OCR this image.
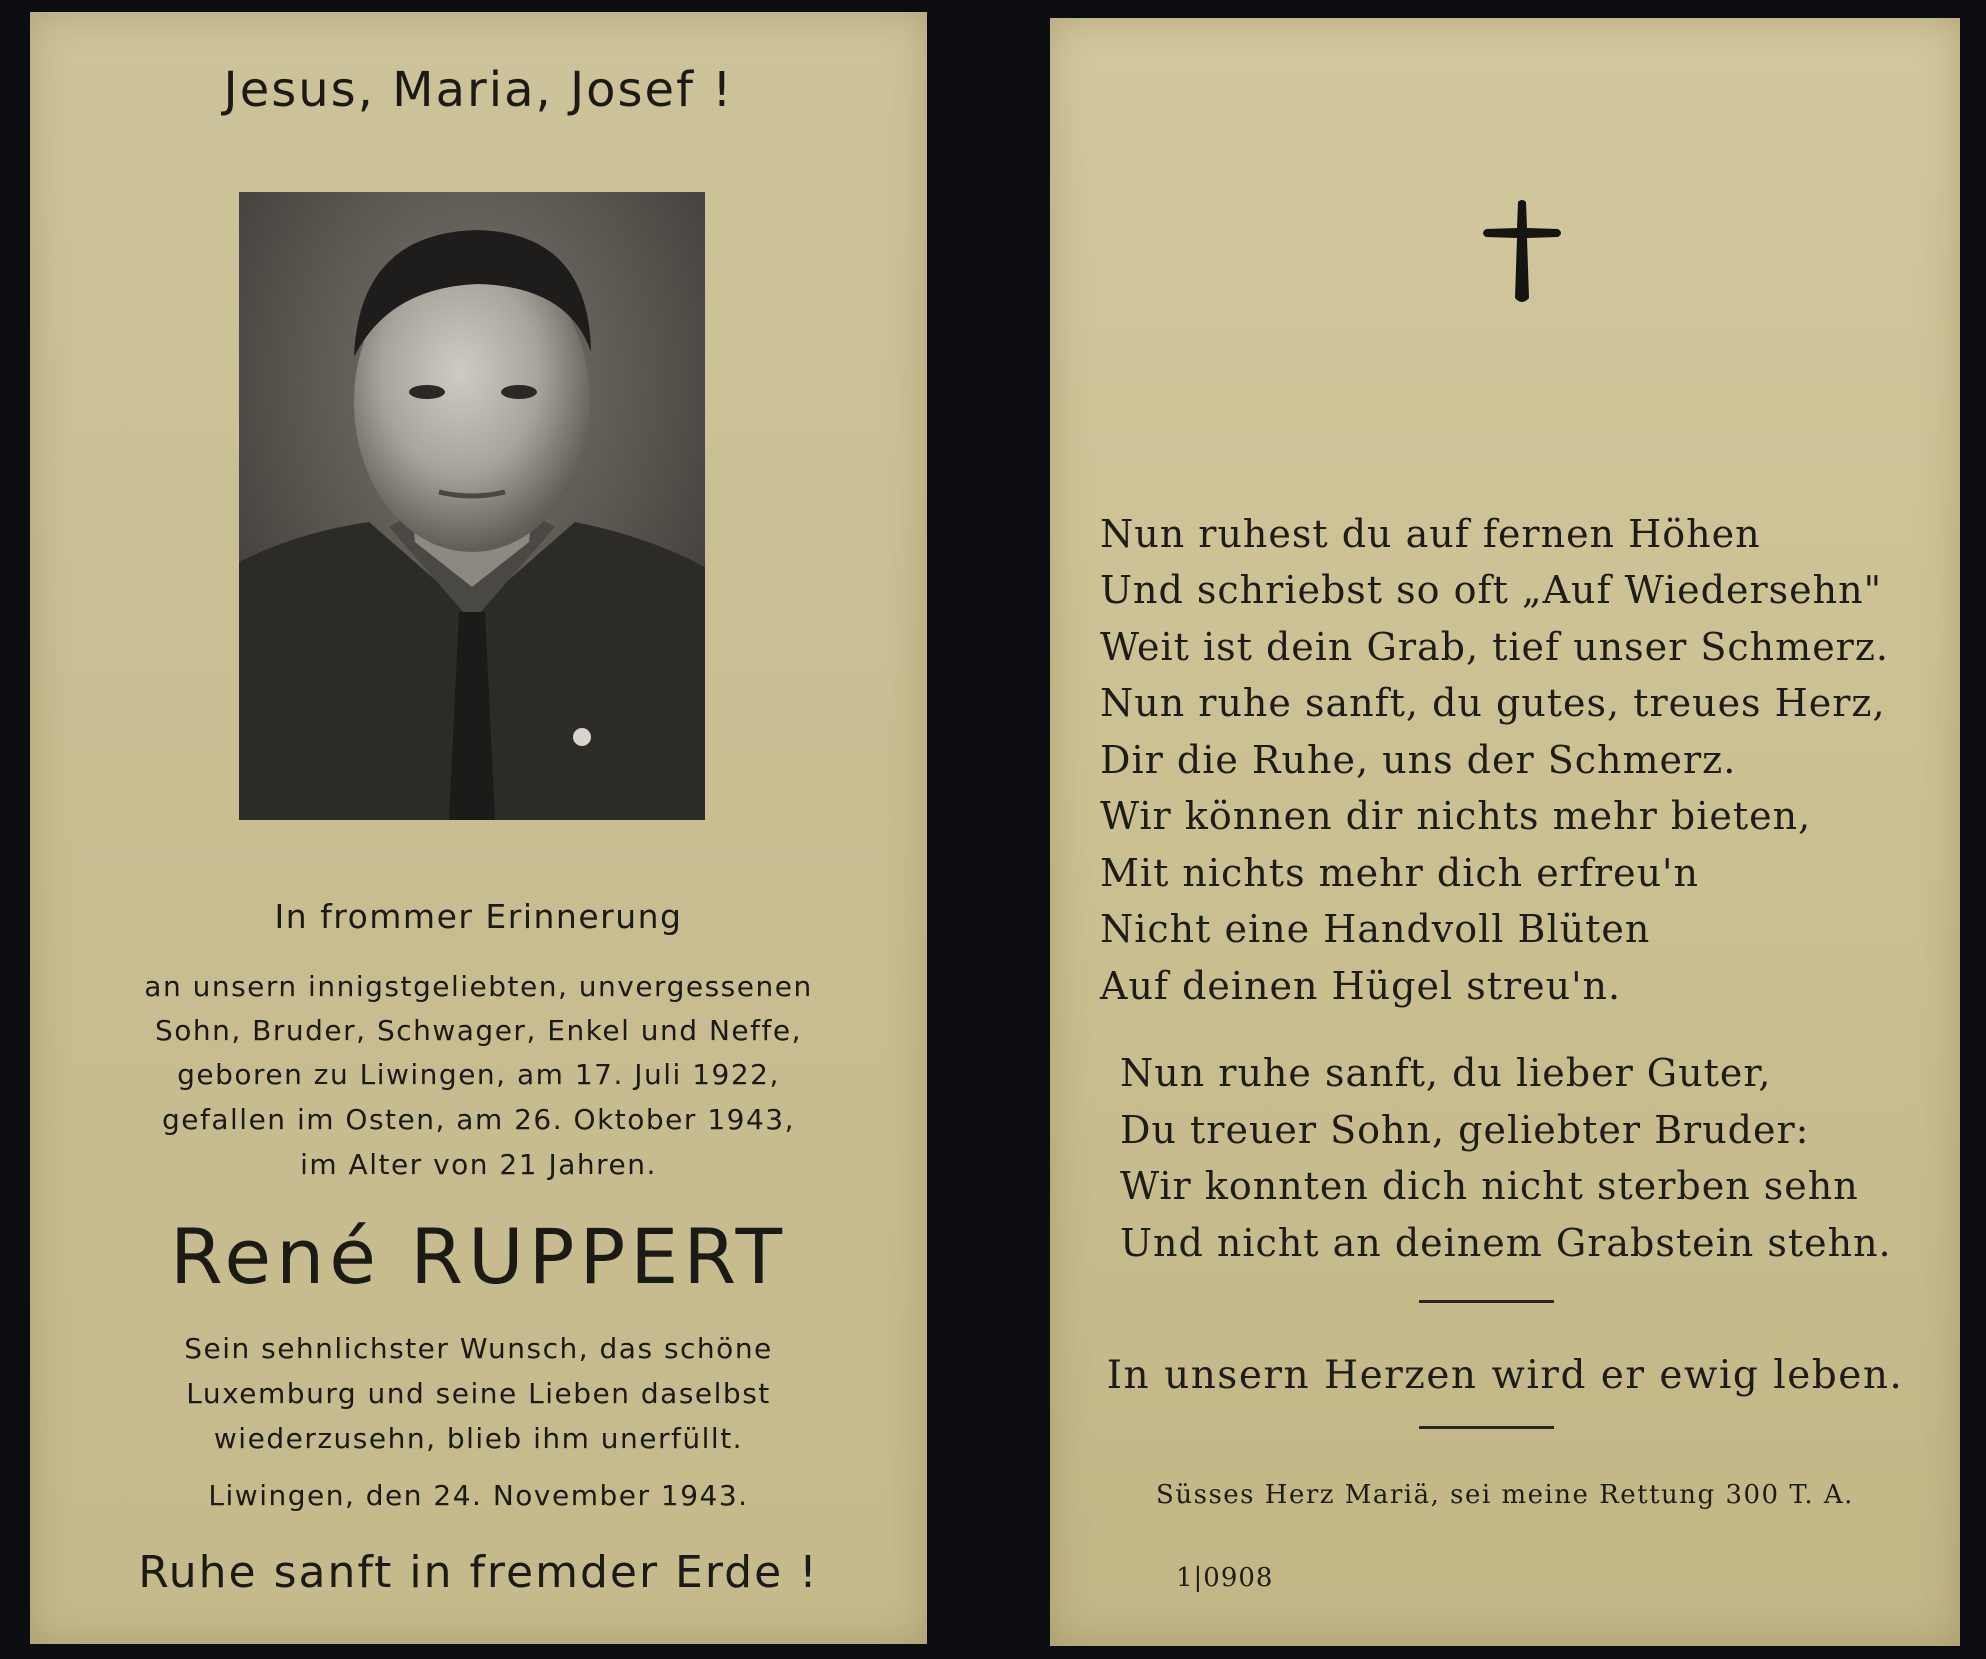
Jesus, Maria, Josef !
In frommer Erinnerung
an unsern innigstgeliebten, unvergessenen
Sohn, Bruder, Schwager, Enkel und Neffe,
geboren zu Liwingen, am 17. Juli 1922,
gefallen im Osten, am 26. Oktober 1943,
im Alter von 21 Jahren.
René RUPPERT
Sein sehnlichster Wunsch, das schöne
Luxemburg und seine Lieben daselbst
wiederzusehn, blieb ihm unerfüllt.
Liwingen, den 24. November 1943.
Ruhe sanft in fremder Erde !
Nun ruhest du auf fernen Höhen
Und schriebst so oft „Auf Wiedersehn"
Weit ist dein Grab, tief unser Schmerz.
Nun ruhe sanft, du gutes, treues Herz,
Dir die Ruhe, uns der Schmerz.
Wir können dir nichts mehr bieten,
Mit nichts mehr dich erfreu'n
Nicht eine Handvoll Blüten
Auf deinen Hügel streu'n.
Nun ruhe sanft, du lieber Guter,
Du treuer Sohn, geliebter Bruder:
Wir konnten dich nicht sterben sehn
Und nicht an deinem Grabstein stehn.
In unsern Herzen wird er ewig leben.
Süsses Herz Mariä, sei meine Rettung 300 T. A.
1|0908
